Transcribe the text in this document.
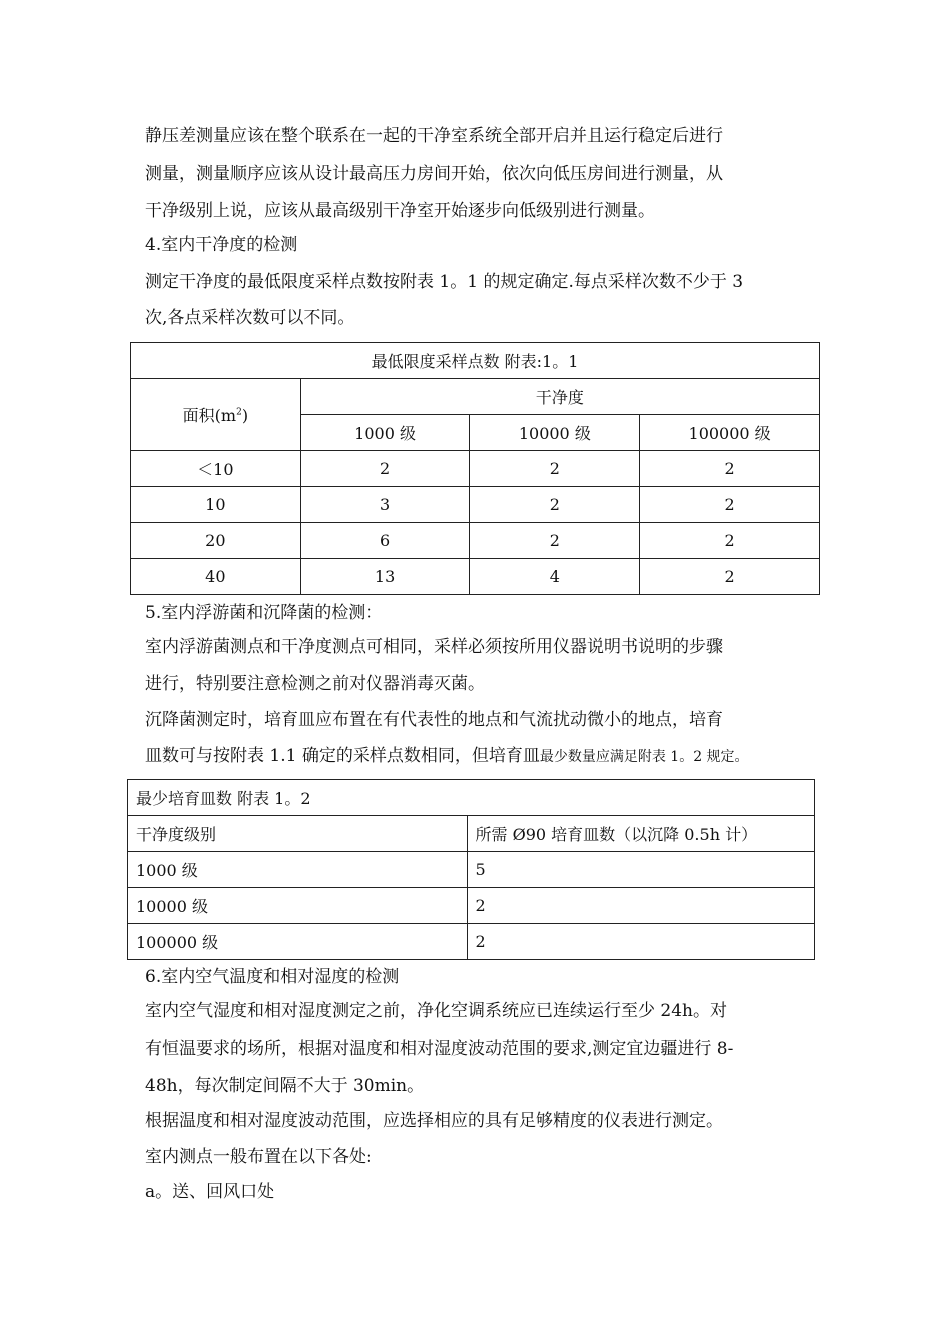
静压差测量应该在整个联系在一起的干净室系统全部开启并且运行稳定后进行
测量，测量顺序应该从设计最高压力房间开始，依次向低压房间进行测量，从
干净级别上说，应该从最高级别干净室开始逐步向低级别进行测量。
4.室内干净度的检测
测定干净度的最低限度采样点数按附表 1。1 的规定确定.每点采样次数不少于 3
次,各点采样次数可以不同。
最低限度采样点数 附表:1。1			
面积$(m^2)$	干净度		
	1000 级	10000 级	100000 级
＜10	2	2	2
10	3	2	2
20	6	2	2
40	13	4	2
5.室内浮游菌和沉降菌的检测：
室内浮游菌测点和干净度测点可相同，采样必须按所用仪器说明书说明的步骤
进行，特别要注意检测之前对仪器消毒灭菌。
沉降菌测定时，培育皿应布置在有代表性的地点和气流扰动微小的地点，培育
皿数可与按附表 1.1 确定的采样点数相同，但培育皿最少数量应满足附表 1。2 规定。
最少培育皿数 附表 1。2	
干净度级别	所需 Ø90 培育皿数（以沉降 0.5h 计）
1000 级	5
10000 级	2
100000 级	2
6.室内空气温度和相对湿度的检测
室内空气湿度和相对湿度测定之前，净化空调系统应已连续运行至少 24h。对
有恒温要求的场所，根据对温度和相对湿度波动范围的要求,测定宜边疆进行 8-
48h，每次制定间隔不大于 30min。
根据温度和相对湿度波动范围，应选择相应的具有足够精度的仪表进行测定。
室内测点一般布置在以下各处:
a。送、回风口处
